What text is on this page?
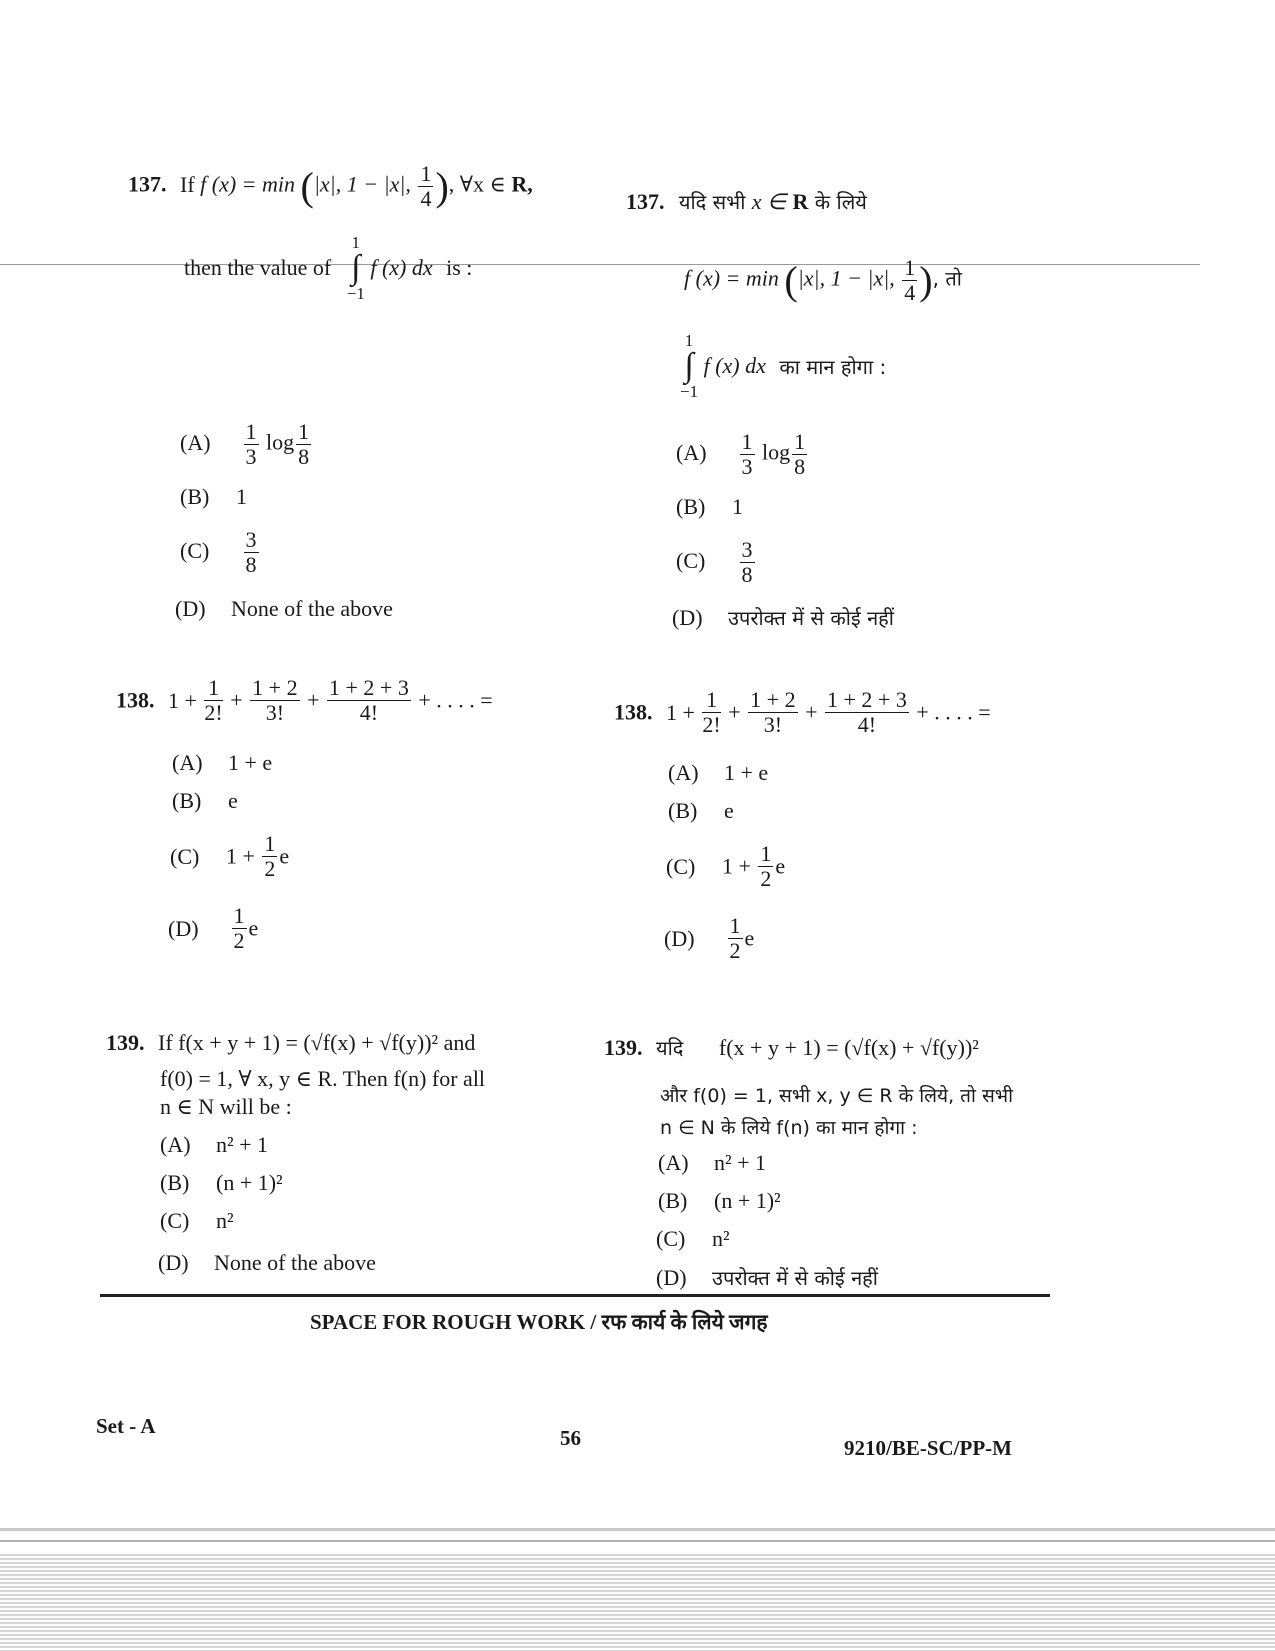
137. If f (x) = min (|x|, 1 − |x|, $\frac{1}{4}$ ), ∀x ∈ R,
then the value of
1
∫
−1
f (x) dx is :
$(A) \frac{1}{3}$ $\log \frac{1}{8}$
(B) 1
$(C) \frac{3}{8}$
(D) None of the above
137. यदि सभी x ∈ R के लिये
f (x) = min (|x|, 1 − |x|, $\frac{1}{4}$ ), तो
1
∫
−1
f (x) dx का मान होगा :
$(A) \frac{1}{3}$ $\log \frac{1}{8}$
(B) 1
$(C) \frac{3}{8}$
(D) उपरोक्त में से कोई नहीं
138. $1 + \frac{1}{2!} + \frac{1 + 2}{3!} + \frac{1 + 2 + 3}{4!}$ + . . . . =
(A) 1 + e
(B) e
(C) $1 + \frac{1}{2}$ e
$(D) \frac{1}{2}$ e
138. $1 + \frac{1}{2!} + \frac{1 + 2}{3!} + \frac{1 + 2 + 3}{4!}$ + . . . . =
(A) 1 + e
(B) e
(C) $1 + \frac{1}{2}$ e
$(D) \frac{1}{2}$ e
139. If f(x + y + 1) = (√f(x) + √f(y))² and
f(0) = 1, ∀ x, y ∈ R. Then f(n) for all
n ∈ N will be :
(A) n² + 1
(B) (n + 1)²
(C) n²
(D) None of the above
139. यदि f(x + y + 1) = (√f(x) + √f(y))²
और f(0) = 1, सभी x, y ∈ R के लिये, तो सभी
n ∈ N के लिये f(n) का मान होगा :
(A) n² + 1
(B) (n + 1)²
(C) n²
(D) उपरोक्त में से कोई नहीं
SPACE FOR ROUGH WORK / रफ कार्य के लिये जगह
Set - A	56	9210/BE-SC/PP-M
